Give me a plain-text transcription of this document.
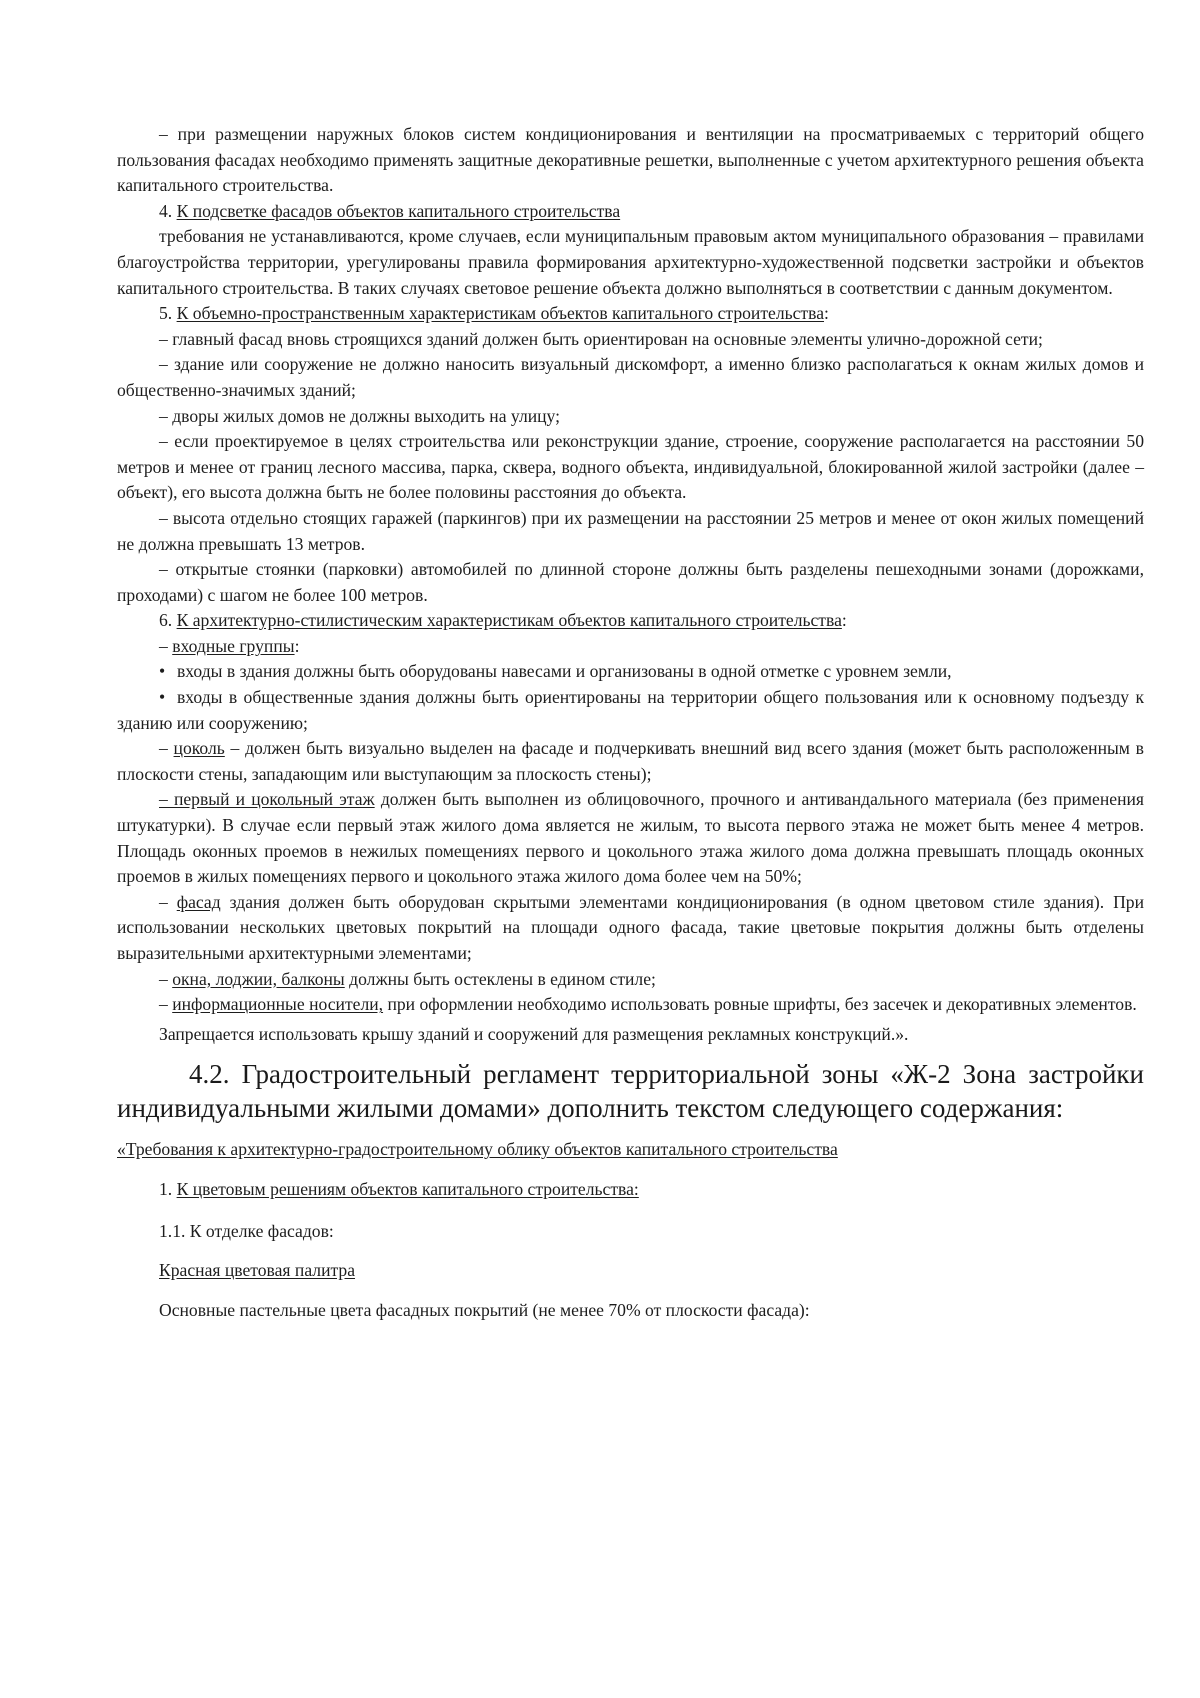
– при размещении наружных блоков систем кондиционирования и вентиляции на просматриваемых с территорий общего пользования фасадах необходимо применять защитные декоративные решетки, выполненные с учетом архитектурного решения объекта капитального строительства.

4. К подсветке фасадов объектов капитального строительства

требования не устанавливаются, кроме случаев, если муниципальным правовым актом муниципального образования – правилами благоустройства территории, урегулированы правила формирования архитектурно-художественной подсветки застройки и объектов капитального строительства. В таких случаях световое решение объекта должно выполняться в соответствии с данным документом.

5. К объемно-пространственным характеристикам объектов капитального строительства:

– главный фасад вновь строящихся зданий должен быть ориентирован на основные элементы улично-дорожной сети;

– здание или сооружение не должно наносить визуальный дискомфорт, а именно близко располагаться к окнам жилых домов и общественно-значимых зданий;

– дворы жилых домов не должны выходить на улицу;

– если проектируемое в целях строительства или реконструкции здание, строение, сооружение располагается на расстоянии 50 метров и менее от границ лесного массива, парка, сквера, водного объекта, индивидуальной, блокированной жилой застройки (далее – объект), его высота должна быть не более половины расстояния до объекта.

– высота отдельно стоящих гаражей (паркингов) при их размещении на расстоянии 25 метров и менее от окон жилых помещений не должна превышать 13 метров.

– открытые стоянки (парковки) автомобилей по длинной стороне должны быть разделены пешеходными зонами (дорожками, проходами) с шагом не более 100 метров.

6. К архитектурно-стилистическим характеристикам объектов капитального строительства:

– входные группы:

• входы в здания должны быть оборудованы навесами и организованы в одной отметке с уровнем земли,

• входы в общественные здания должны быть ориентированы на территории общего пользования или к основному подъезду к зданию или сооружению;

– цоколь – должен быть визуально выделен на фасаде и подчеркивать внешний вид всего здания (может быть расположенным в плоскости стены, западающим или выступающим за плоскость стены);

– первый и цокольный этаж должен быть выполнен из облицовочного, прочного и антивандального материала (без применения штукатурки). В случае если первый этаж жилого дома является не жилым, то высота первого этажа не может быть менее 4 метров. Площадь оконных проемов в нежилых помещениях первого и цокольного этажа жилого дома должна превышать площадь оконных проемов в жилых помещениях первого и цокольного этажа жилого дома более чем на 50%;

– фасад здания должен быть оборудован скрытыми элементами кондиционирования (в одном цветовом стиле здания). При использовании нескольких цветовых покрытий на площади одного фасада, такие цветовые покрытия должны быть отделены выразительными архитектурными элементами;

– окна, лоджии, балконы должны быть остеклены в едином стиле;

– информационные носители, при оформлении необходимо использовать ровные шрифты, без засечек и декоративных элементов.

Запрещается использовать крышу зданий и сооружений для размещения рекламных конструкций.».

4.2. Градостроительный регламент территориальной зоны «Ж-2 Зона застройки индивидуальными жилыми домами» дополнить текстом следующего содержания:

«Требования к архитектурно-градостроительному облику объектов капитального строительства

1. К цветовым решениям объектов капитального строительства:

1.1. К отделке фасадов:

Красная цветовая палитра

Основные пастельные цвета фасадных покрытий (не менее 70% от плоскости фасада):
